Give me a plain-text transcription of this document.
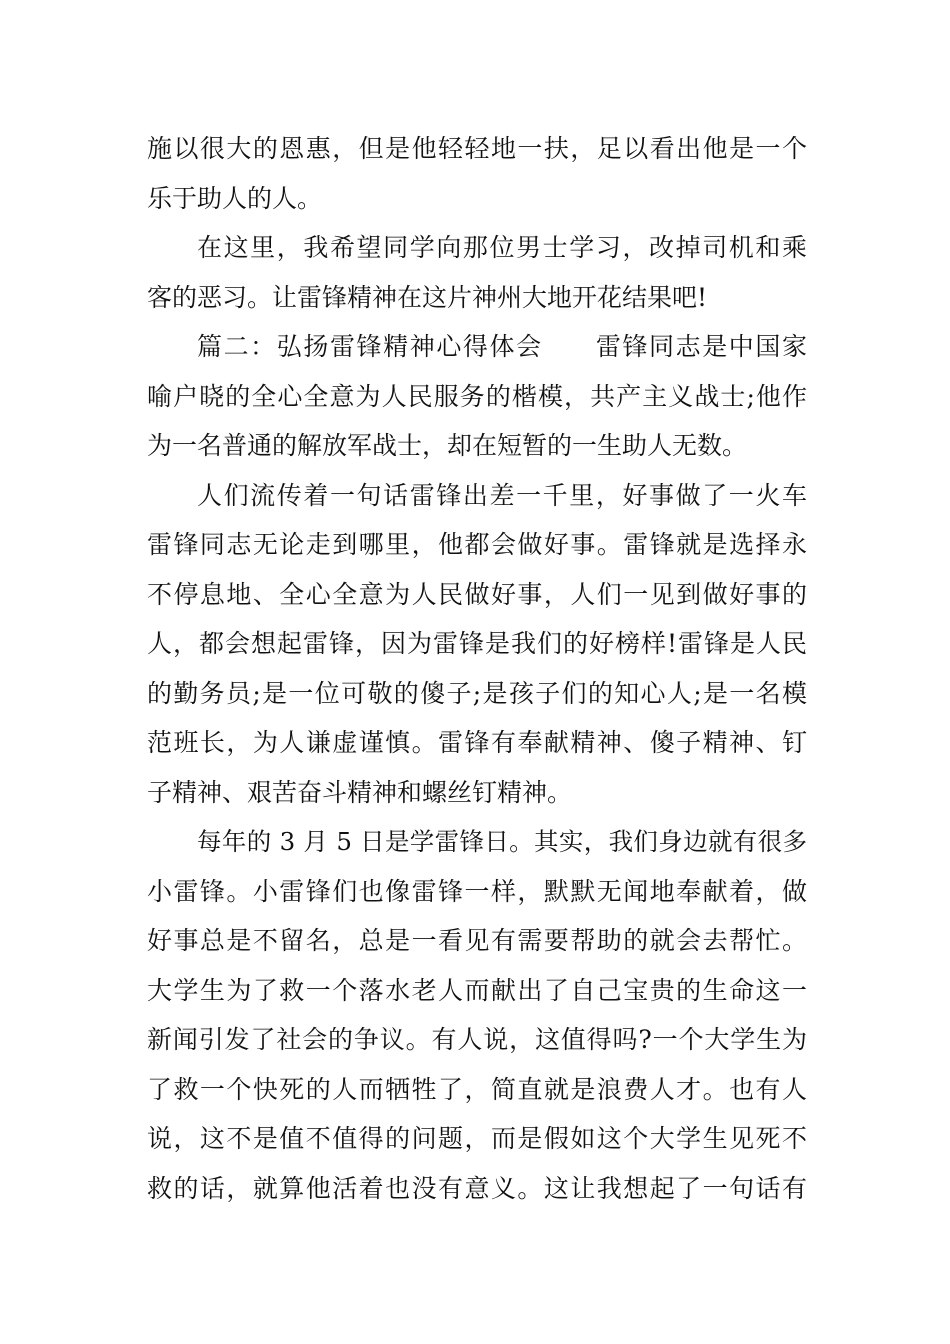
施以很大的恩惠，但是他轻轻地一扶，足以看出他是一个
乐于助人的人。
在这里，我希望同学向那位男士学习，改掉司机和乘
客的恶习。让雷锋精神在这片神州大地开花结果吧!
篇二：弘扬雷锋精神心得体会　　雷锋同志是中国家
喻户晓的全心全意为人民服务的楷模，共产主义战士;他作
为一名普通的解放军战士，却在短暂的一生助人无数。
人们流传着一句话雷锋出差一千里，好事做了一火车
雷锋同志无论走到哪里，他都会做好事。雷锋就是选择永
不停息地、全心全意为人民做好事，人们一见到做好事的
人，都会想起雷锋，因为雷锋是我们的好榜样!雷锋是人民
的勤务员;是一位可敬的傻子;是孩子们的知心人;是一名模
范班长，为人谦虚谨慎。雷锋有奉献精神、傻子精神、钉
子精神、艰苦奋斗精神和螺丝钉精神。
每年的 3 月 5 日是学雷锋日。其实，我们身边就有很多
小雷锋。小雷锋们也像雷锋一样，默默无闻地奉献着，做
好事总是不留名，总是一看见有需要帮助的就会去帮忙。
大学生为了救一个落水老人而献出了自己宝贵的生命这一
新闻引发了社会的争议。有人说，这值得吗?一个大学生为
了救一个快死的人而牺牲了，简直就是浪费人才。也有人
说，这不是值不值得的问题，而是假如这个大学生见死不
救的话，就算他活着也没有意义。这让我想起了一句话有
